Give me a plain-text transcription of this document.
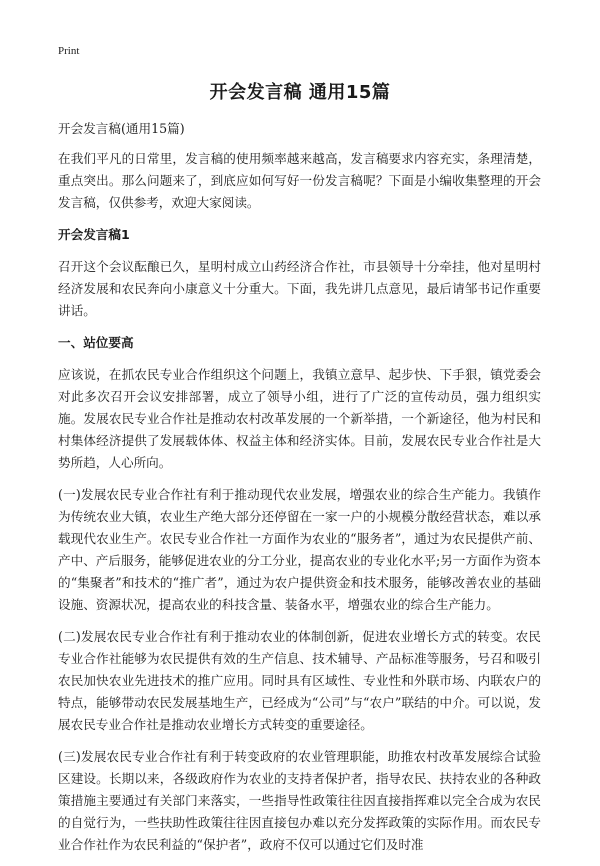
Print
开会发言稿 通用15篇
开会发言稿(通用15篇)

在我们平凡的日常里，发言稿的使用频率越来越高，发言稿要求内容充实，条理清楚，重点突出。那么问题来了，到底应如何写好一份发言稿呢？下面是小编收集整理的开会发言稿，仅供参考，欢迎大家阅读。

开会发言稿1

召开这个会议酝酿已久，星明村成立山药经济合作社，市县领导十分牵挂，他对星明村经济发展和农民奔向小康意义十分重大。下面，我先讲几点意见，最后请邹书记作重要讲话。

一、站位要高

应该说，在抓农民专业合作组织这个问题上，我镇立意早、起步快、下手狠，镇党委会对此多次召开会议安排部署，成立了领导小组，进行了广泛的宣传动员，强力组织实施。发展农民专业合作社是推动农村改革发展的一个新举措，一个新途径，他为村民和村集体经济提供了发展载体体、权益主体和经济实体。目前，发展农民专业合作社是大势所趋，人心所向。

(一)发展农民专业合作社有利于推动现代农业发展，增强农业的综合生产能力。我镇作为传统农业大镇，农业生产绝大部分还停留在一家一户的小规模分散经营状态，难以承载现代农业生产。农民专业合作社一方面作为农业的“服务者”，通过为农民提供产前、产中、产后服务，能够促进农业的分工分业，提高农业的专业化水平;另一方面作为资本的“集聚者”和技术的“推广者”，通过为农户提供资金和技术服务，能够改善农业的基础设施、资源状况，提高农业的科技含量、装备水平，增强农业的综合生产能力。

(二)发展农民专业合作社有利于推动农业的体制创新，促进农业增长方式的转变。农民专业合作社能够为农民提供有效的生产信息、技术辅导、产品标准等服务，号召和吸引农民加快农业先进技术的推广应用。同时具有区域性、专业性和外联市场、内联农户的特点，能够带动农民发展基地生产，已经成为“公司”与“农户”联结的中介。可以说，发展农民专业合作社是推动农业增长方式转变的重要途径。

(三)发展农民专业合作社有利于转变政府的农业管理职能，助推农村改革发展综合试验区建设。长期以来，各级政府作为农业的支持者保护者，指导农民、扶持农业的各种政策措施主要通过有关部门来落实，一些指导性政策往往因直接指挥难以完全合成为农民的自觉行为，一些扶助性政策往往因直接包办难以充分发挥政策的实际作用。而农民专业合作社作为农民利益的“保护者”，政府不仅可以通过它们及时准
